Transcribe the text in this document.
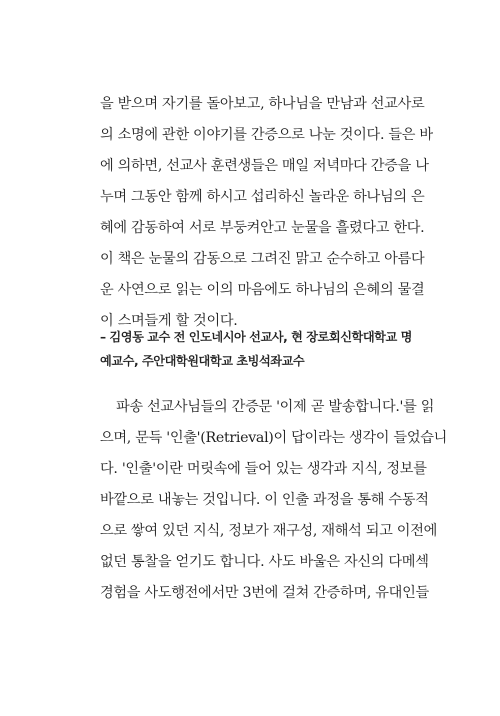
을 받으며 자기를 돌아보고, 하나님을 만남과 선교사로
의 소명에 관한 이야기를 간증으로 나눈 것이다. 들은 바
에 의하면, 선교사 훈련생들은 매일 저녁마다 간증을 나
누며 그동안 함께 하시고 섭리하신 놀라운 하나님의 은
혜에 감동하여 서로 부둥켜안고 눈물을 흘렸다고 한다.
이 책은 눈물의 감동으로 그려진 맑고 순수하고 아름다
운 사연으로 읽는 이의 마음에도 하나님의 은혜의 물결
이 스며들게 할 것이다.
– 김영동 교수 전 인도네시아 선교사, 현 장로회신학대학교 명
예교수, 주안대학원대학교 초빙석좌교수
파송 선교사님들의 간증문 '이제 곧 발송합니다.'를 읽
으며, 문득 '인출'(Retrieval)이 답이라는 생각이 들었습니
다. '인출'이란 머릿속에 들어 있는 생각과 지식, 정보를
바깥으로 내놓는 것입니다. 이 인출 과정을 통해 수동적
으로 쌓여 있던 지식, 정보가 재구성, 재해석 되고 이전에
없던 통찰을 얻기도 합니다. 사도 바울은 자신의 다메섹
경험을 사도행전에서만 3번에 걸쳐 간증하며, 유대인들
